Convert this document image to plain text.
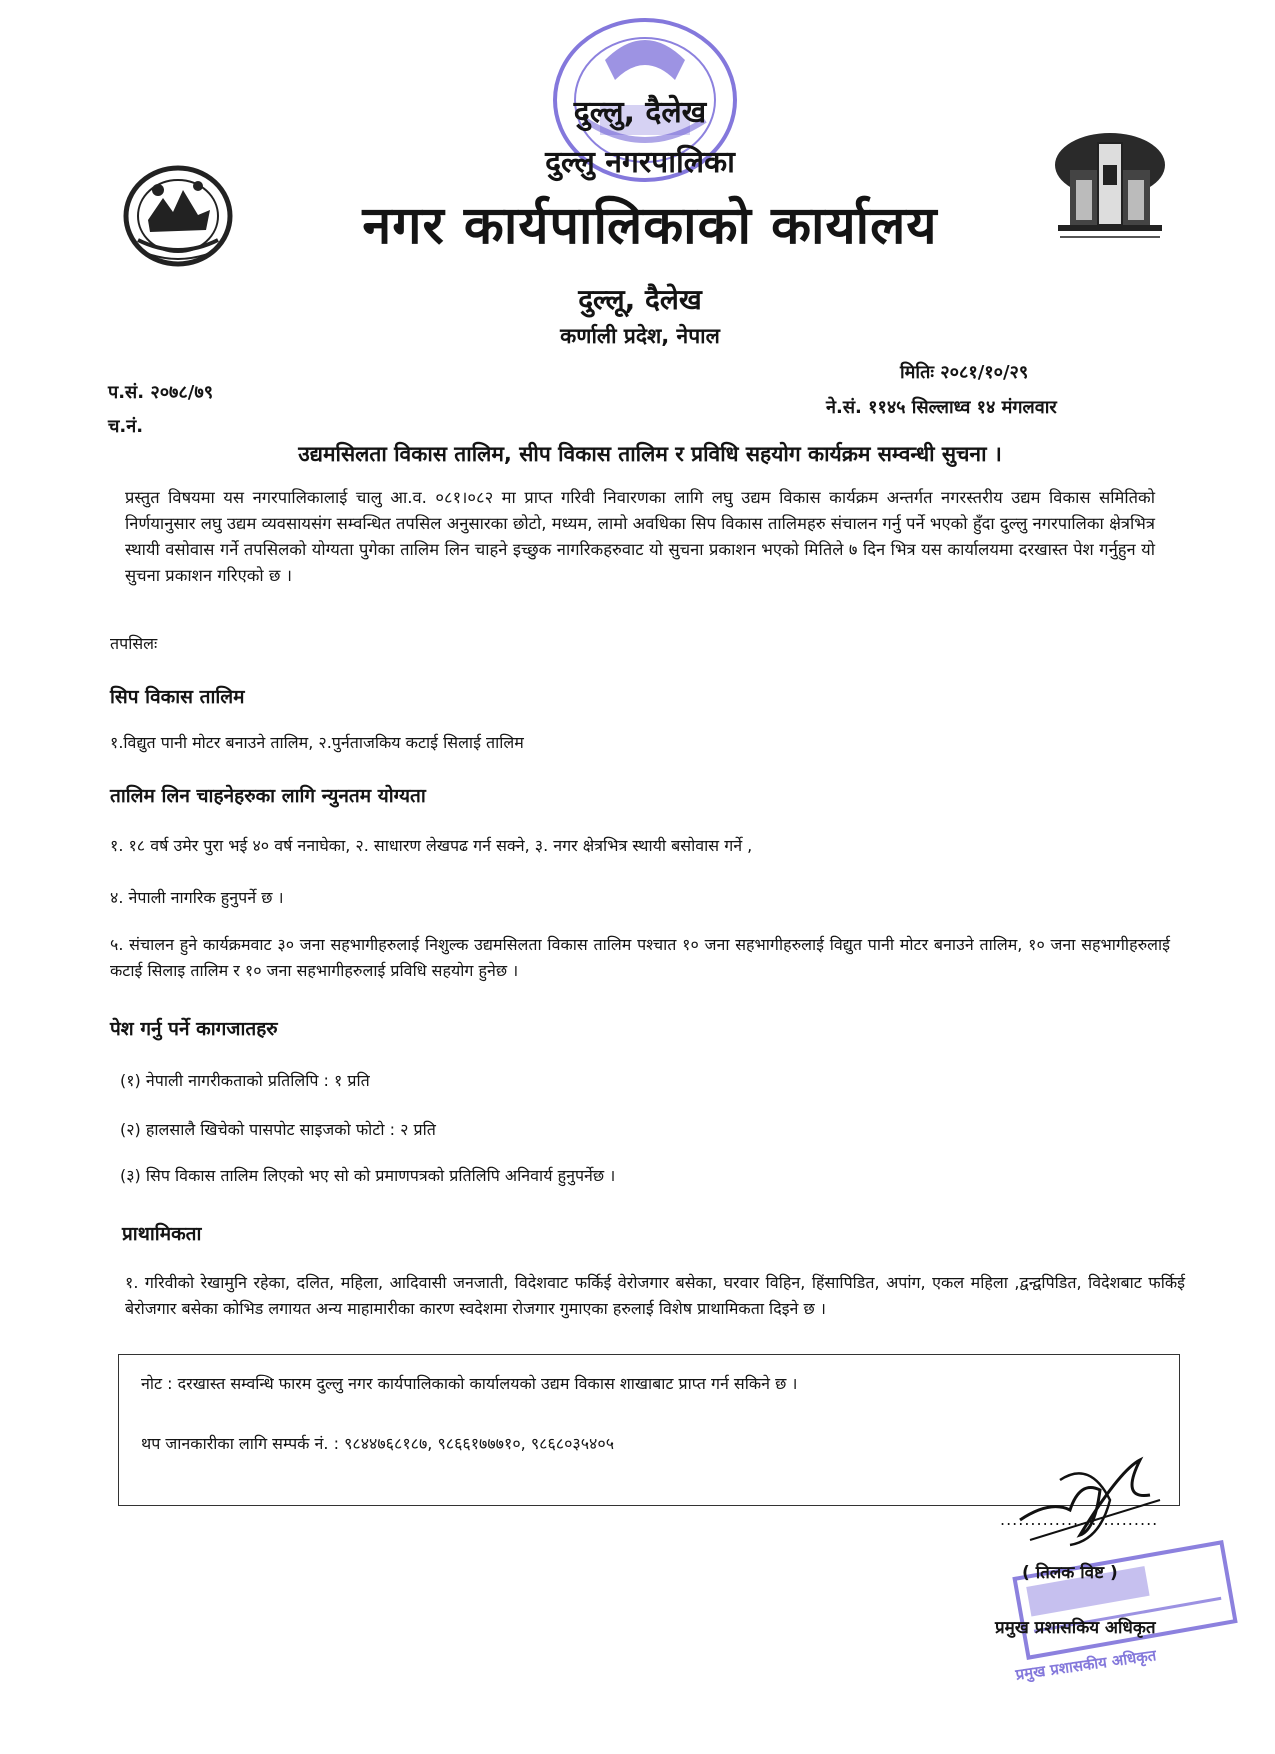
दुल्लु, दैलेख
दुल्लु नगरपालिका
नगर कार्यपालिकाको कार्यालय
दुल्लू, दैलेख
कर्णाली प्रदेश, नेपाल
प.सं. २०७८/७९
च.नं.
मितिः २०८१/१०/२९
ने.सं. ११४५ सिल्लाध्व १४ मंगलवार
उद्यमसिलता विकास तालिम, सीप विकास तालिम र प्रविधि सहयोग कार्यक्रम सम्वन्धी सुचना ।
प्रस्तुत विषयमा यस नगरपालिकालाई चालु आ.व. ०८१।०८२ मा प्राप्त गरिवी निवारणका लागि लघु उद्यम विकास कार्यक्रम अन्तर्गत नगरस्तरीय उद्यम विकास समितिको निर्णयानुसार लघु उद्यम व्यवसायसंग सम्वन्धित तपसिल अनुसारका छोटो, मध्यम, लामो अवधिका सिप विकास तालिमहरु संचालन गर्नु पर्ने भएको हुँदा दुल्लु नगरपालिका क्षेत्रभित्र स्थायी वसोवास गर्ने तपसिलको योग्यता पुगेका तालिम लिन चाहने इच्छुक नागरिकहरुवाट यो सुचना प्रकाशन भएको मितिले ७ दिन भित्र यस कार्यालयमा दरखास्त पेश गर्नुहुन यो सुचना प्रकाशन गरिएको छ ।
तपसिलः
सिप विकास तालिम
१.विद्युत पानी मोटर बनाउने तालिम, २.पुर्नताजकिय कटाई सिलाई तालिम
तालिम लिन चाहनेहरुका लागि न्युनतम योग्यता
१. १८ वर्ष उमेर पुरा भई ४० वर्ष ननाघेका, २. साधारण लेखपढ गर्न सक्ने, ३. नगर क्षेत्रभित्र स्थायी बसोवास गर्ने ,
४. नेपाली नागरिक हुनुपर्ने छ ।
५. संचालन हुने कार्यक्रमवाट ३० जना सहभागीहरुलाई निशुल्क उद्यमसिलता विकास तालिम पश्चात १० जना सहभागीहरुलाई विद्युत पानी मोटर बनाउने तालिम, १० जना सहभागीहरुलाई कटाई सिलाइ तालिम र १० जना सहभागीहरुलाई प्रविधि सहयोग हुनेछ ।
पेश गर्नु पर्ने कागजातहरु
(१) नेपाली नागरीकताको प्रतिलिपि : १ प्रति
(२) हालसालै खिचेको पासपोट साइजको फोटो : २ प्रति
(३) सिप विकास तालिम लिएको भए सो को प्रमाणपत्रको प्रतिलिपि अनिवार्य हुनुपर्नेछ ।
प्राथामिकता
१. गरिवीको रेखामुनि रहेका, दलित, महिला, आदिवासी जनजाती, विदेशवाट फर्किई वेरोजगार बसेका, घरवार विहिन, हिंसापिडित, अपांग, एकल महिला ,द्वन्द्वपिडित, विदेशबाट फर्किई बेरोजगार बसेका कोभिड लगायत अन्य माहामारीका कारण स्वदेशमा रोजगार गुमाएका हरुलाई विशेष प्राथामिकता दिइने छ ।
नोट : दरखास्त सम्वन्धि फारम दुल्लु नगर कार्यपालिकाको कार्यालयको उद्यम विकास शाखाबाट प्राप्त गर्न सकिने छ ।
थप जानकारीका लागि सम्पर्क नं. : ९८४४७६८१८७, ९८६६१७७७१०, ९८६८०३५४०५
..........................
( तिलक विष्ट )
प्रमुख प्रशासकिय अधिकृत
प्रमुख प्रशासकीय अधिकृत
